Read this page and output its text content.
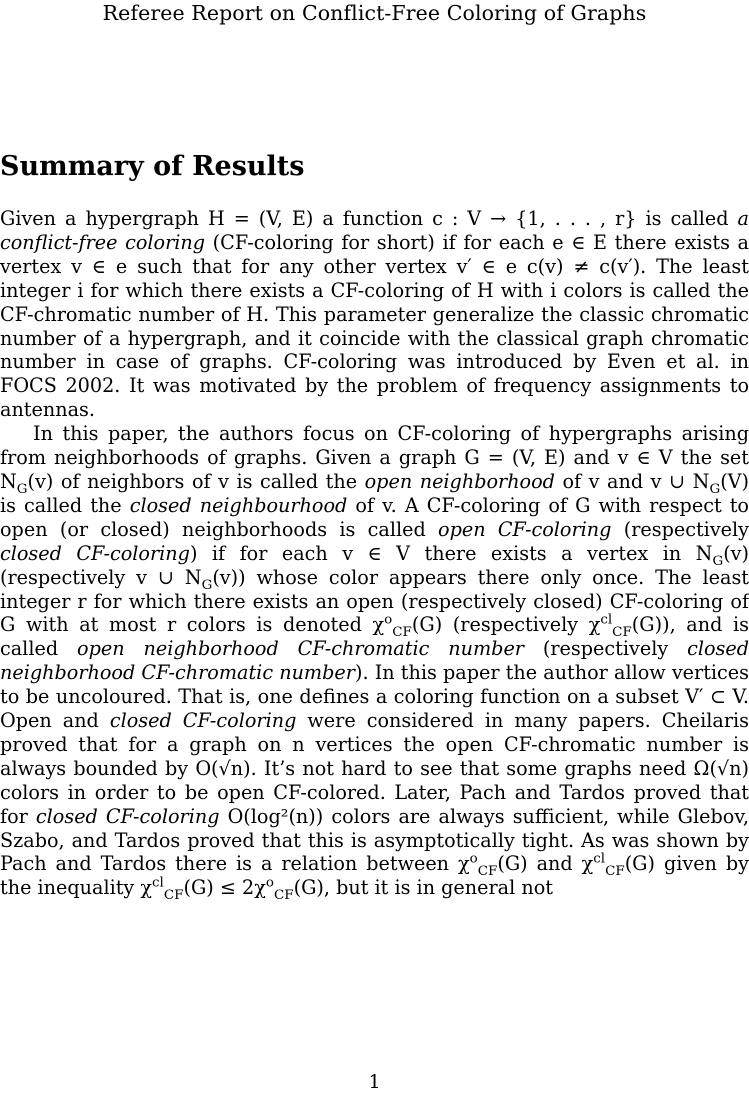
Referee Report on Conflict-Free Coloring of Graphs
Summary of Results

Given a hypergraph H = (V, E) a function c : V → {1, . . . , r} is called a conflict-free coloring (CF-coloring for short) if for each e ∈ E there exists a vertex v ∈ e such that for any other vertex v′ ∈ e c(v) ≠ c(v′). The least integer i for which there exists a CF-coloring of H with i colors is called the CF-chromatic number of H. This parameter generalize the classic chromatic number of a hypergraph, and it coincide with the classical graph chromatic number in case of graphs. CF-coloring was introduced by Even et al. in FOCS 2002. It was motivated by the problem of frequency assignments to antennas.

In this paper, the authors focus on CF-coloring of hypergraphs arising from neighborhoods of graphs. Given a graph G = (V, E) and v ∈ V the set $N_G(v)$ of neighbors of v is called the open neighborhood of v and v ∪ $N_G(V)$ is called the closed neighbourhood of v. A CF-coloring of G with respect to open (or closed) neighborhoods is called open CF-coloring (respectively closed CF-coloring) if for each v ∈ V there exists a vertex in $N_G(v)$ (respectively v ∪ $N_G(v)$) whose color appears there only once. The least integer r for which there exists an open (respectively closed) CF-coloring of G with at most r colors is denoted $\chi^o_{CF}(G)$ (respectively $\chi^{cl}_{CF}(G)$), and is called open neighborhood CF-chromatic number (respectively closed neighborhood CF-chromatic number). In this paper the author allow vertices to be uncoloured. That is, one defines a coloring function on a subset V′ ⊂ V. Open and closed CF-coloring were considered in many papers. Cheilaris proved that for a graph on n vertices the open CF-chromatic number is always bounded by O(√n). It’s not hard to see that some graphs need Ω(√n) colors in order to be open CF-colored. Later, Pach and Tardos proved that for closed CF-coloring O(log²(n)) colors are always sufficient, while Glebov, Szabo, and Tardos proved that this is asymptotically tight. As was shown by Pach and Tardos there is a relation between $\chi^o_{CF}(G)$ and $\chi^{cl}_{CF}(G)$ given by the inequality $\chi^{cl}_{CF}(G) \le 2\chi^o_{CF}(G)$, but it is in general not

1
